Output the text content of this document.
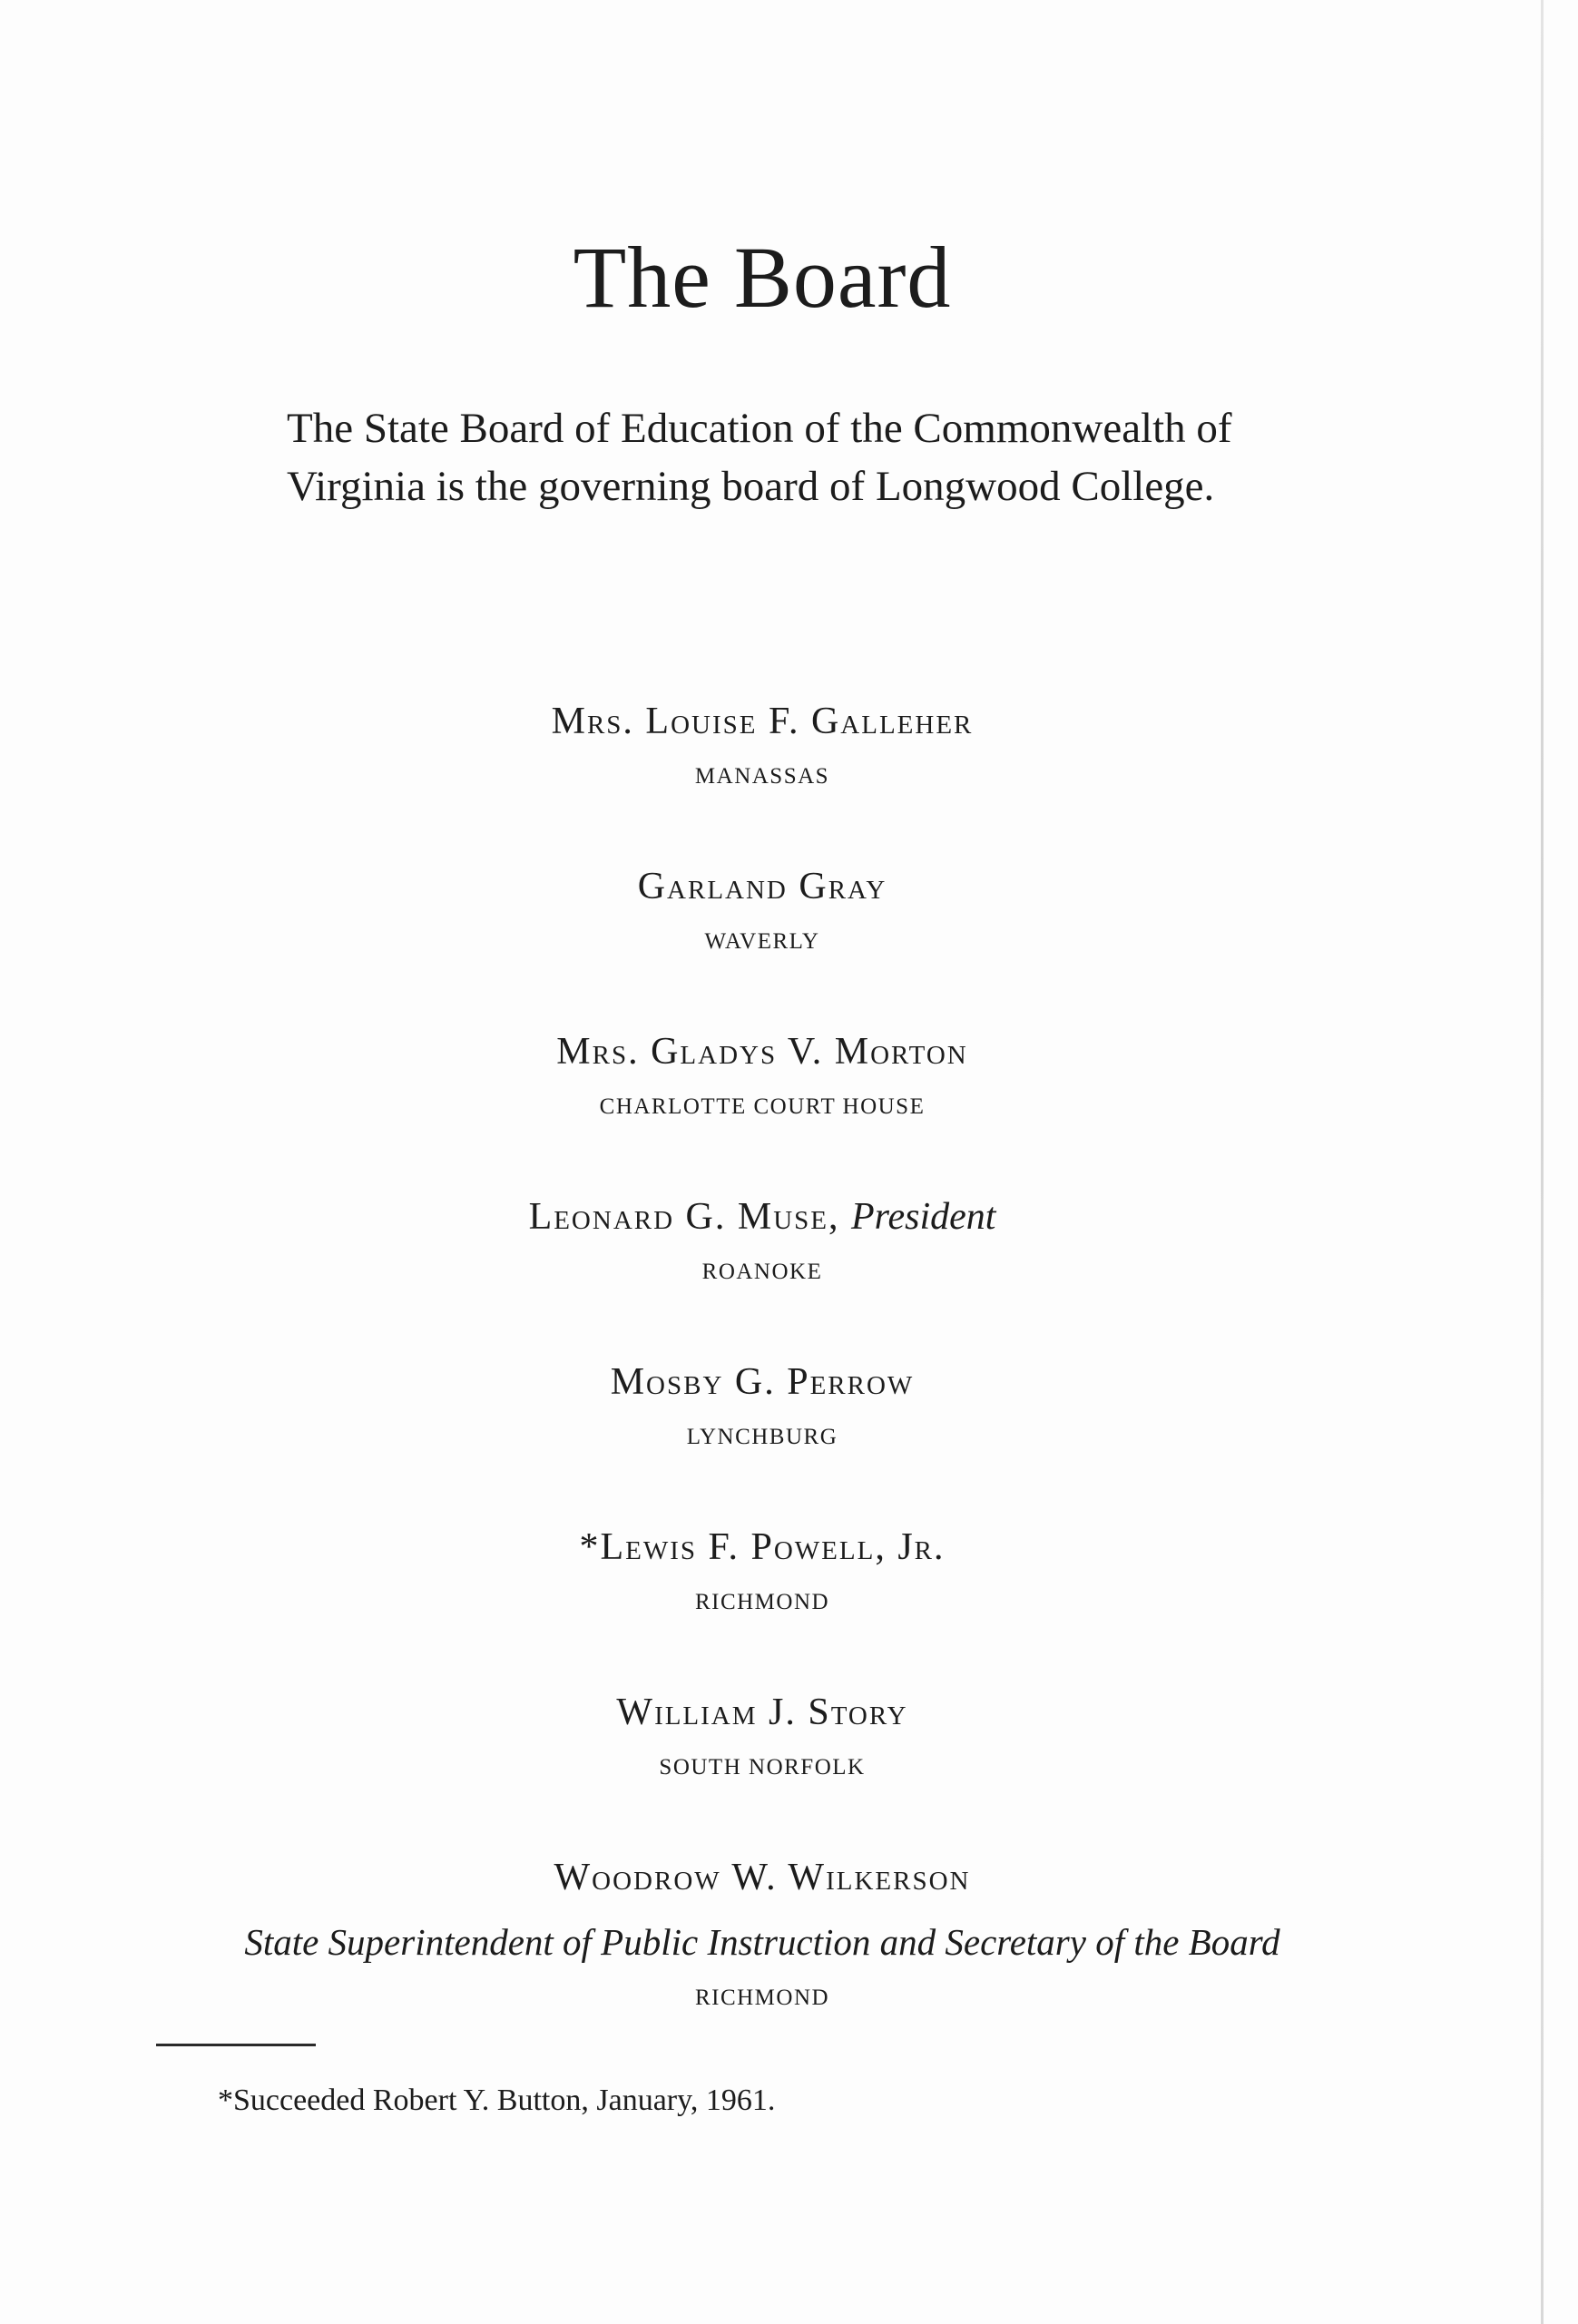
The Board

The State Board of Education of the Commonwealth of Virginia is the governing board of Longwood College.

Mrs. Louise F. Galleher
MANASSAS
Garland Gray
WAVERLY
Mrs. Gladys V. Morton
CHARLOTTE COURT HOUSE
Leonard G. Muse, President
ROANOKE
Mosby G. Perrow
LYNCHBURG
*Lewis F. Powell, Jr.
RICHMOND
William J. Story
SOUTH NORFOLK
Woodrow W. Wilkerson
State Superintendent of Public Instruction and Secretary of the Board
RICHMOND

*Succeeded Robert Y. Button, January, 1961.
